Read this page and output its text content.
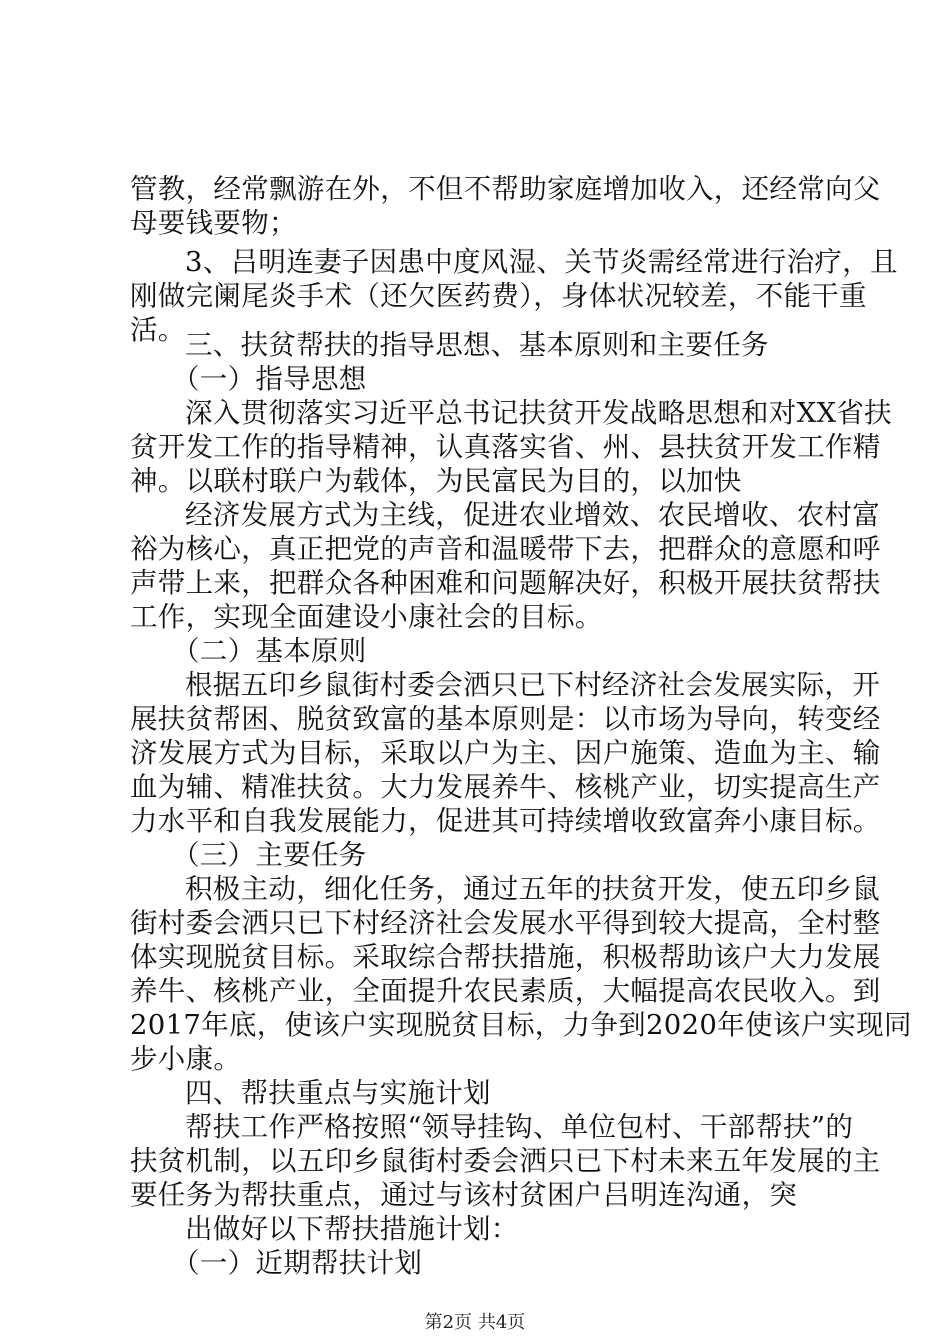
管教，经常飘游在外，不但不帮助家庭增加收入，还经常向父
母要钱要物；
3、吕明连妻子因患中度风湿、关节炎需经常进行治疗，且
刚做完阑尾炎手术（还欠医药费），身体状况较差，不能干重
活。 三、扶贫帮扶的指导思想、基本原则和主要任务
（一）指导思想
深入贯彻落实习近平总书记扶贫开发战略思想和对XX省扶
贫开发工作的指导精神，认真落实省、州、县扶贫开发工作精
神。以联村联户为载体，为民富民为目的，以加快
经济发展方式为主线，促进农业增效、农民增收、农村富
裕为核心，真正把党的声音和温暖带下去，把群众的意愿和呼
声带上来，把群众各种困难和问题解决好，积极开展扶贫帮扶
工作，实现全面建设小康社会的目标。
（二）基本原则
根据五印乡鼠街村委会洒只已下村经济社会发展实际，开
展扶贫帮困、脱贫致富的基本原则是：以市场为导向，转变经
济发展方式为目标，采取以户为主、因户施策、造血为主、输
血为辅、精准扶贫。大力发展养牛、核桃产业，切实提高生产
力水平和自我发展能力，促进其可持续增收致富奔小康目标。
（三）主要任务
积极主动，细化任务，通过五年的扶贫开发，使五印乡鼠
街村委会洒只已下村经济社会发展水平得到较大提高，全村整
体实现脱贫目标。采取综合帮扶措施，积极帮助该户大力发展
养牛、核桃产业，全面提升农民素质，大幅提高农民收入。到
2017年底，使该户实现脱贫目标，力争到2020年使该户实现同
步小康。
四、帮扶重点与实施计划
帮扶工作严格按照“领导挂钩、单位包村、干部帮扶”的
扶贫机制，以五印乡鼠街村委会洒只已下村未来五年发展的主
要任务为帮扶重点，通过与该村贫困户吕明连沟通，突
出做好以下帮扶措施计划：
（一）近期帮扶计划
第2页 共4页
